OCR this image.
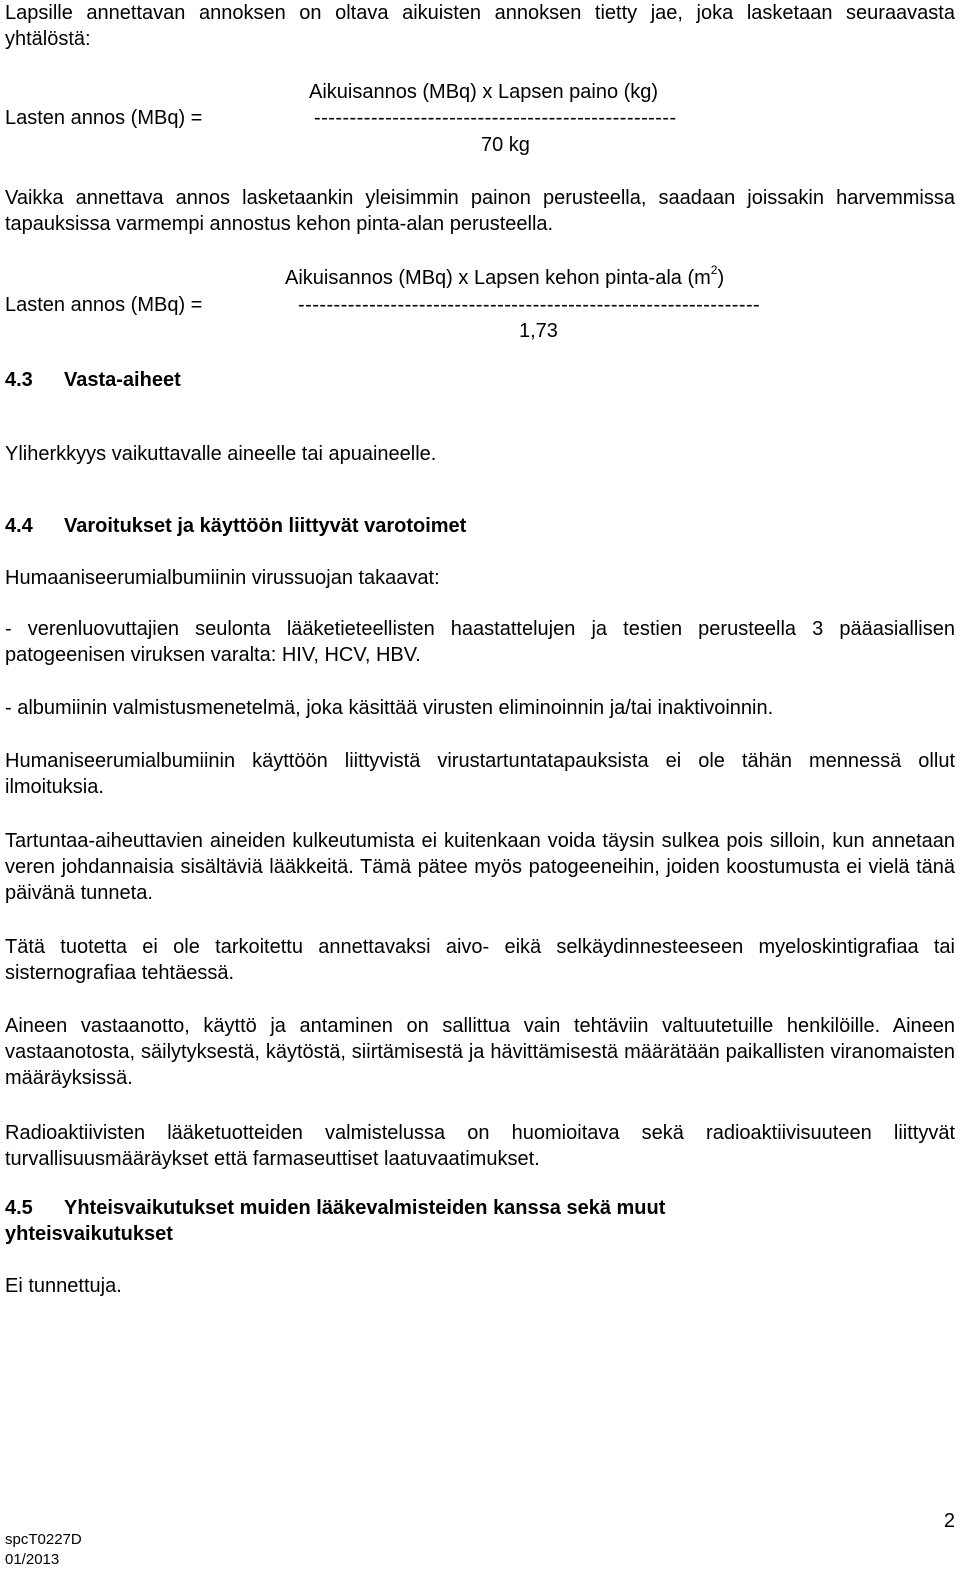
Lapsille annettavan annoksen on oltava aikuisten annoksen tietty jae, joka lasketaan seuraavasta yhtälöstä:

Aikuisannos (MBq) x Lapsen paino (kg)
Lasten annos (MBq) =	---------------------------------------------------
70 kg

Vaikka annettava annos lasketaankin yleisimmin painon perusteella, saadaan joissakin harvemmissa tapauksissa varmempi annostus kehon pinta-alan perusteella.

Aikuisannos (MBq) x Lapsen kehon pinta-ala $(m^2)$
Lasten annos (MBq) =	-----------------------------------------------------------------
1,73
4.3 Vasta-aiheet

Yliherkkyys vaikuttavalle aineelle tai apuaineelle.

4.4 Varoitukset ja käyttöön liittyvät varotoimet

Humaaniseerumialbumiinin virussuojan takaavat:

- verenluovuttajien seulonta lääketieteellisten haastattelujen ja testien perusteella 3 pääasiallisen patogeenisen viruksen varalta: HIV, HCV, HBV.

- albumiinin valmistusmenetelmä, joka käsittää virusten eliminoinnin ja/tai inaktivoinnin.

Humaniseerumialbumiinin käyttöön liittyvistä virustartuntatapauksista ei ole tähän mennessä ollut ilmoituksia.

Tartuntaa-aiheuttavien aineiden kulkeutumista ei kuitenkaan voida täysin sulkea pois silloin, kun annetaan veren johdannaisia sisältäviä lääkkeitä. Tämä pätee myös patogeeneihin, joiden koostumusta ei vielä tänä päivänä tunneta.

Tätä tuotetta ei ole tarkoitettu annettavaksi aivo- eikä selkäydinnesteeseen myeloskintigrafiaa tai sisternografiaa tehtäessä.

Aineen vastaanotto, käyttö ja antaminen on sallittua vain tehtäviin valtuutetuille henkilöille. Aineen vastaanotosta, säilytyksestä, käytöstä, siirtämisestä ja hävittämisestä määrätään paikallisten viranomaisten määräyksissä.

Radioaktiivisten lääketuotteiden valmistelussa on huomioitava sekä radioaktiivisuuteen liittyvät turvallisuusmääräykset että farmaseuttiset laatuvaatimukset.

4.5	Yhteisvaikutukset muiden lääkevalmisteiden kanssa sekä muut yhteisvaikutukset

Ei tunnettuja.

2
spcT0227D
01/2013
